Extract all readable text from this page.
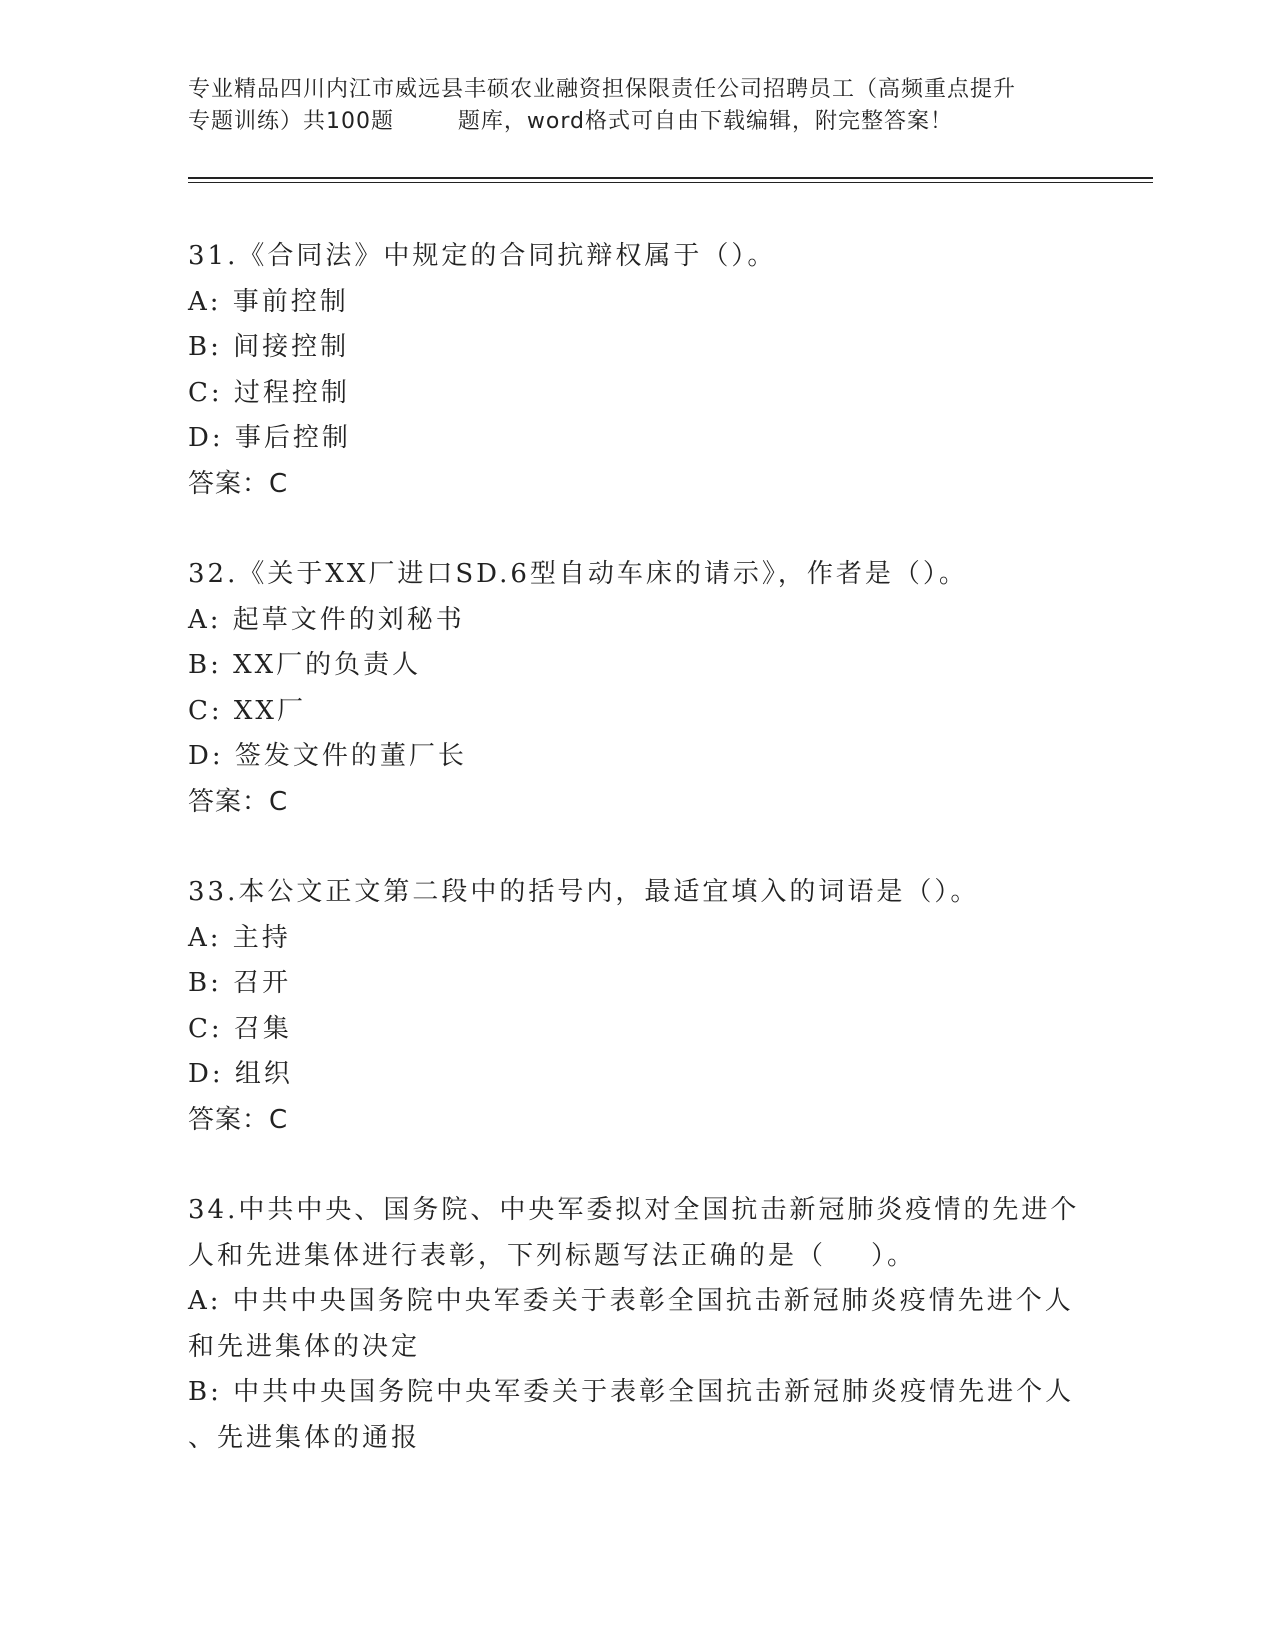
专业精品四川内江市威远县丰硕农业融资担保限责任公司招聘员工（高频重点提升
专题训练）共100题        题库，word格式可自由下载编辑，附完整答案！
31.《合同法》中规定的合同抗辩权属于（）。
A: 事前控制
B: 间接控制
C: 过程控制
D: 事后控制
答案：C
32.《关于XX厂进口SD.6型自动车床的请示》，作者是（）。
A: 起草文件的刘秘书
B: XX厂的负责人
C: XX厂
D: 签发文件的董厂长
答案：C
33.本公文正文第二段中的括号内，最适宜填入的词语是（）。
A: 主持
B: 召开
C: 召集
D: 组织
答案：C
34.中共中央、国务院、中央军委拟对全国抗击新冠肺炎疫情的先进个
人和先进集体进行表彰，下列标题写法正确的是（    ）。
A: 中共中央国务院中央军委关于表彰全国抗击新冠肺炎疫情先进个人
和先进集体的决定
B: 中共中央国务院中央军委关于表彰全国抗击新冠肺炎疫情先进个人
、先进集体的通报
